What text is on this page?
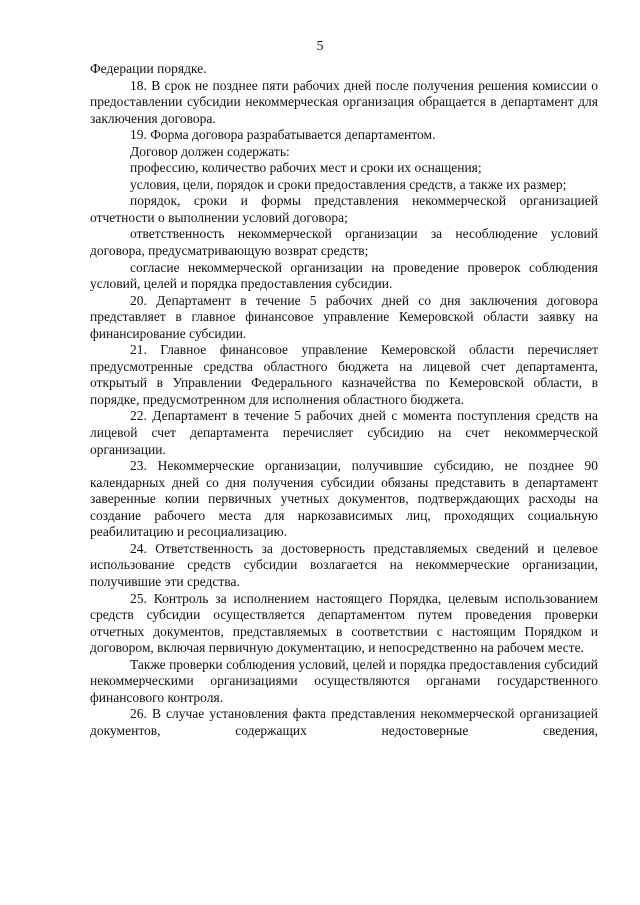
5

Федерации порядке.

18. В срок не позднее пяти рабочих дней после получения решения комиссии о предоставлении субсидии некоммерческая организация обращается в департамент для заключения договора.

19. Форма договора разрабатывается департаментом.

Договор должен содержать:

профессию, количество рабочих мест и сроки их оснащения;

условия, цели, порядок и сроки предоставления средств, а также их размер;

порядок, сроки и формы представления некоммерческой организацией отчетности о выполнении условий договора;

ответственность некоммерческой организации за несоблюдение условий договора, предусматривающую возврат средств;

согласие некоммерческой организации на проведение проверок соблюдения условий, целей и порядка предоставления субсидии.

20. Департамент в течение 5 рабочих дней со дня заключения договора представляет в главное финансовое управление Кемеровской области заявку на финансирование субсидии.

21. Главное финансовое управление Кемеровской области перечисляет предусмотренные средства областного бюджета на лицевой счет департамента, открытый в Управлении Федерального казначейства по Кемеровской области, в порядке, предусмотренном для исполнения областного бюджета.

22. Департамент в течение 5 рабочих дней с момента поступления средств на лицевой счет департамента перечисляет субсидию на счет некоммерческой организации.

23. Некоммерческие организации, получившие субсидию, не позднее 90 календарных дней со дня получения субсидии обязаны представить в департамент заверенные копии первичных учетных документов, подтверждающих расходы на создание рабочего места для наркозависимых лиц, проходящих социальную реабилитацию и ресоциализацию.

24. Ответственность за достоверность представляемых сведений и целевое использование средств субсидии возлагается на некоммерческие организации, получившие эти средства.

25. Контроль за исполнением настоящего Порядка, целевым использованием средств субсидии осуществляется департаментом путем проведения проверки отчетных документов, представляемых в соответствии с настоящим Порядком и договором, включая первичную документацию, и непосредственно на рабочем месте.

Также проверки соблюдения условий, целей и порядка предоставления субсидий некоммерческими организациями осуществляются органами государственного финансового контроля.

26. В случае установления факта представления некоммерческой организацией документов, содержащих недостоверные сведения,
